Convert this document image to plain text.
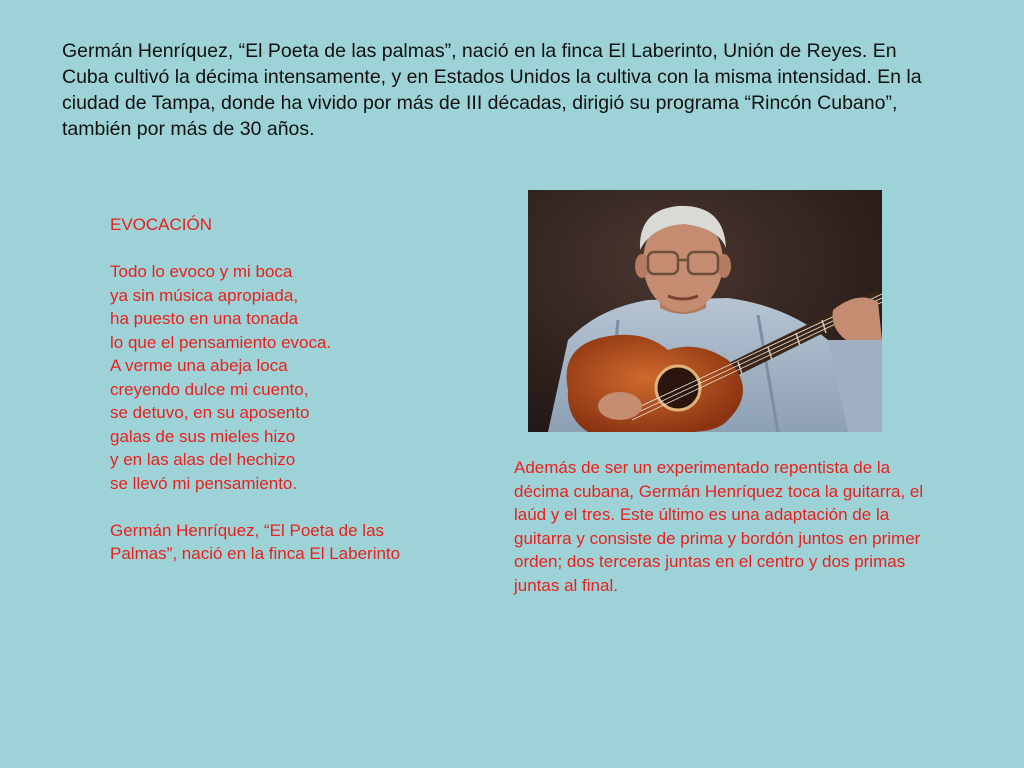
Germán Henríquez, “El Poeta de las palmas”, nació en la finca El Laberinto, Unión de Reyes. En Cuba cultivó la décima intensamente, y en Estados Unidos la cultiva con la misma intensidad. En la ciudad de Tampa, donde ha vivido por más de III décadas, dirigió su programa “Rincón Cubano”, también por más de 30 años.

EVOCACIÓN

Todo lo evoco y mi boca
ya sin música apropiada,
ha puesto en una tonada
lo que el pensamiento evoca.
A verme una abeja loca
creyendo dulce mi cuento,
se detuvo, en su aposento
galas de sus mieles hizo
y en las alas del hechizo
se llevó mi pensamiento.
Germán Henríquez, “El Poeta de las
Palmas”, nació en la finca El Laberinto

Además de ser un experimentado repentista de la décima cubana, Germán Henríquez toca la guitarra, el laúd y el tres. Este último es una adaptación de la guitarra y consiste de prima y bordón juntos en primer orden; dos terceras juntas en el centro y dos primas juntas al final.
